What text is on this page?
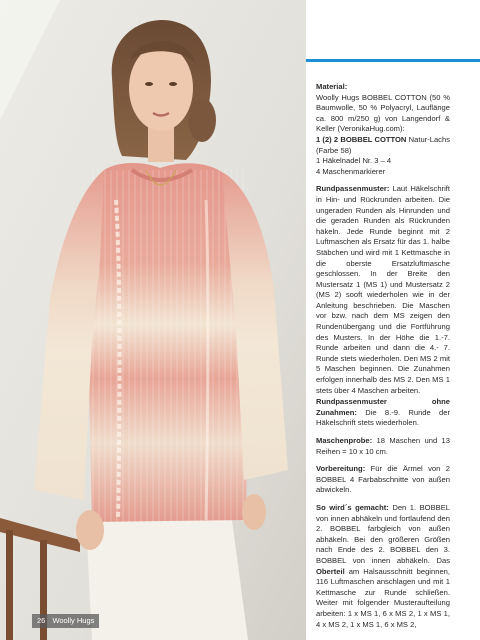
26 Woolly Hugs

Material:
Woolly Hugs BOBBEL COTTON (50 % Baumwolle, 50 % Polyacryl, Lauflänge ca. 800 m/250 g) von Langendorf & Keller (VeronikaHug.com):
1 (2) 2 BOBBEL COTTON Natur-Lachs (Farbe 58)
1 Häkelnadel Nr. 3 – 4
4 Maschenmarkierer

Rundpassenmuster: Laut Häkelschrift in Hin- und Rückrunden arbeiten. Die ungeraden Runden als Hinrunden und die geraden Runden als Rückrunden häkeln. Jede Runde beginnt mit 2 Luftmaschen als Ersatz für das 1. halbe Stäbchen und wird mit 1 Kettmasche in die oberste Ersatzluftmasche geschlossen. In der Breite den Mustersatz 1 (MS 1) und Mustersatz 2 (MS 2) sooft wiederholen wie in der Anleitung beschrieben. Die Maschen vor bzw. nach dem MS zeigen den Rundenübergang und die Fortführung des Musters. In der Höhe die 1.-7. Runde arbeiten und dann die 4.- 7. Runde stets wiederholen. Den MS 2 mit 5 Maschen beginnen. Die Zunahmen erfolgen innerhalb des MS 2. Den MS 1 stets über 4 Maschen arbeiten.

Rundpassenmuster ohne Zunahmen: Die 8.-9. Runde der Häkelschrift stets wiederholen.

Maschenprobe: 18 Maschen und 13 Reihen = 10 x 10 cm.

Vorbereitung: Für die Ärmel von 2 BOBBEL 4 Farbabschnitte von außen abwickeln.

So wird´s gemacht: Den 1. BOBBEL von innen abhäkeln und fortlaufend den 2. BOBBEL farbgleich von außen abhäkeln. Bei den größeren Größen nach Ende des 2. BOBBEL den 3. BOBBEL von innen abhäkeln. Das Oberteil am Halsausschnitt beginnen, 116 Luftmaschen anschlagen und mit 1 Kettmasche zur Runde schließen. Weiter mit folgender Musteraufteilung arbeiten: 1 x MS 1, 6 x MS 2, 1 x MS 1, 4 x MS 2, 1 x MS 1, 6 x MS 2,
